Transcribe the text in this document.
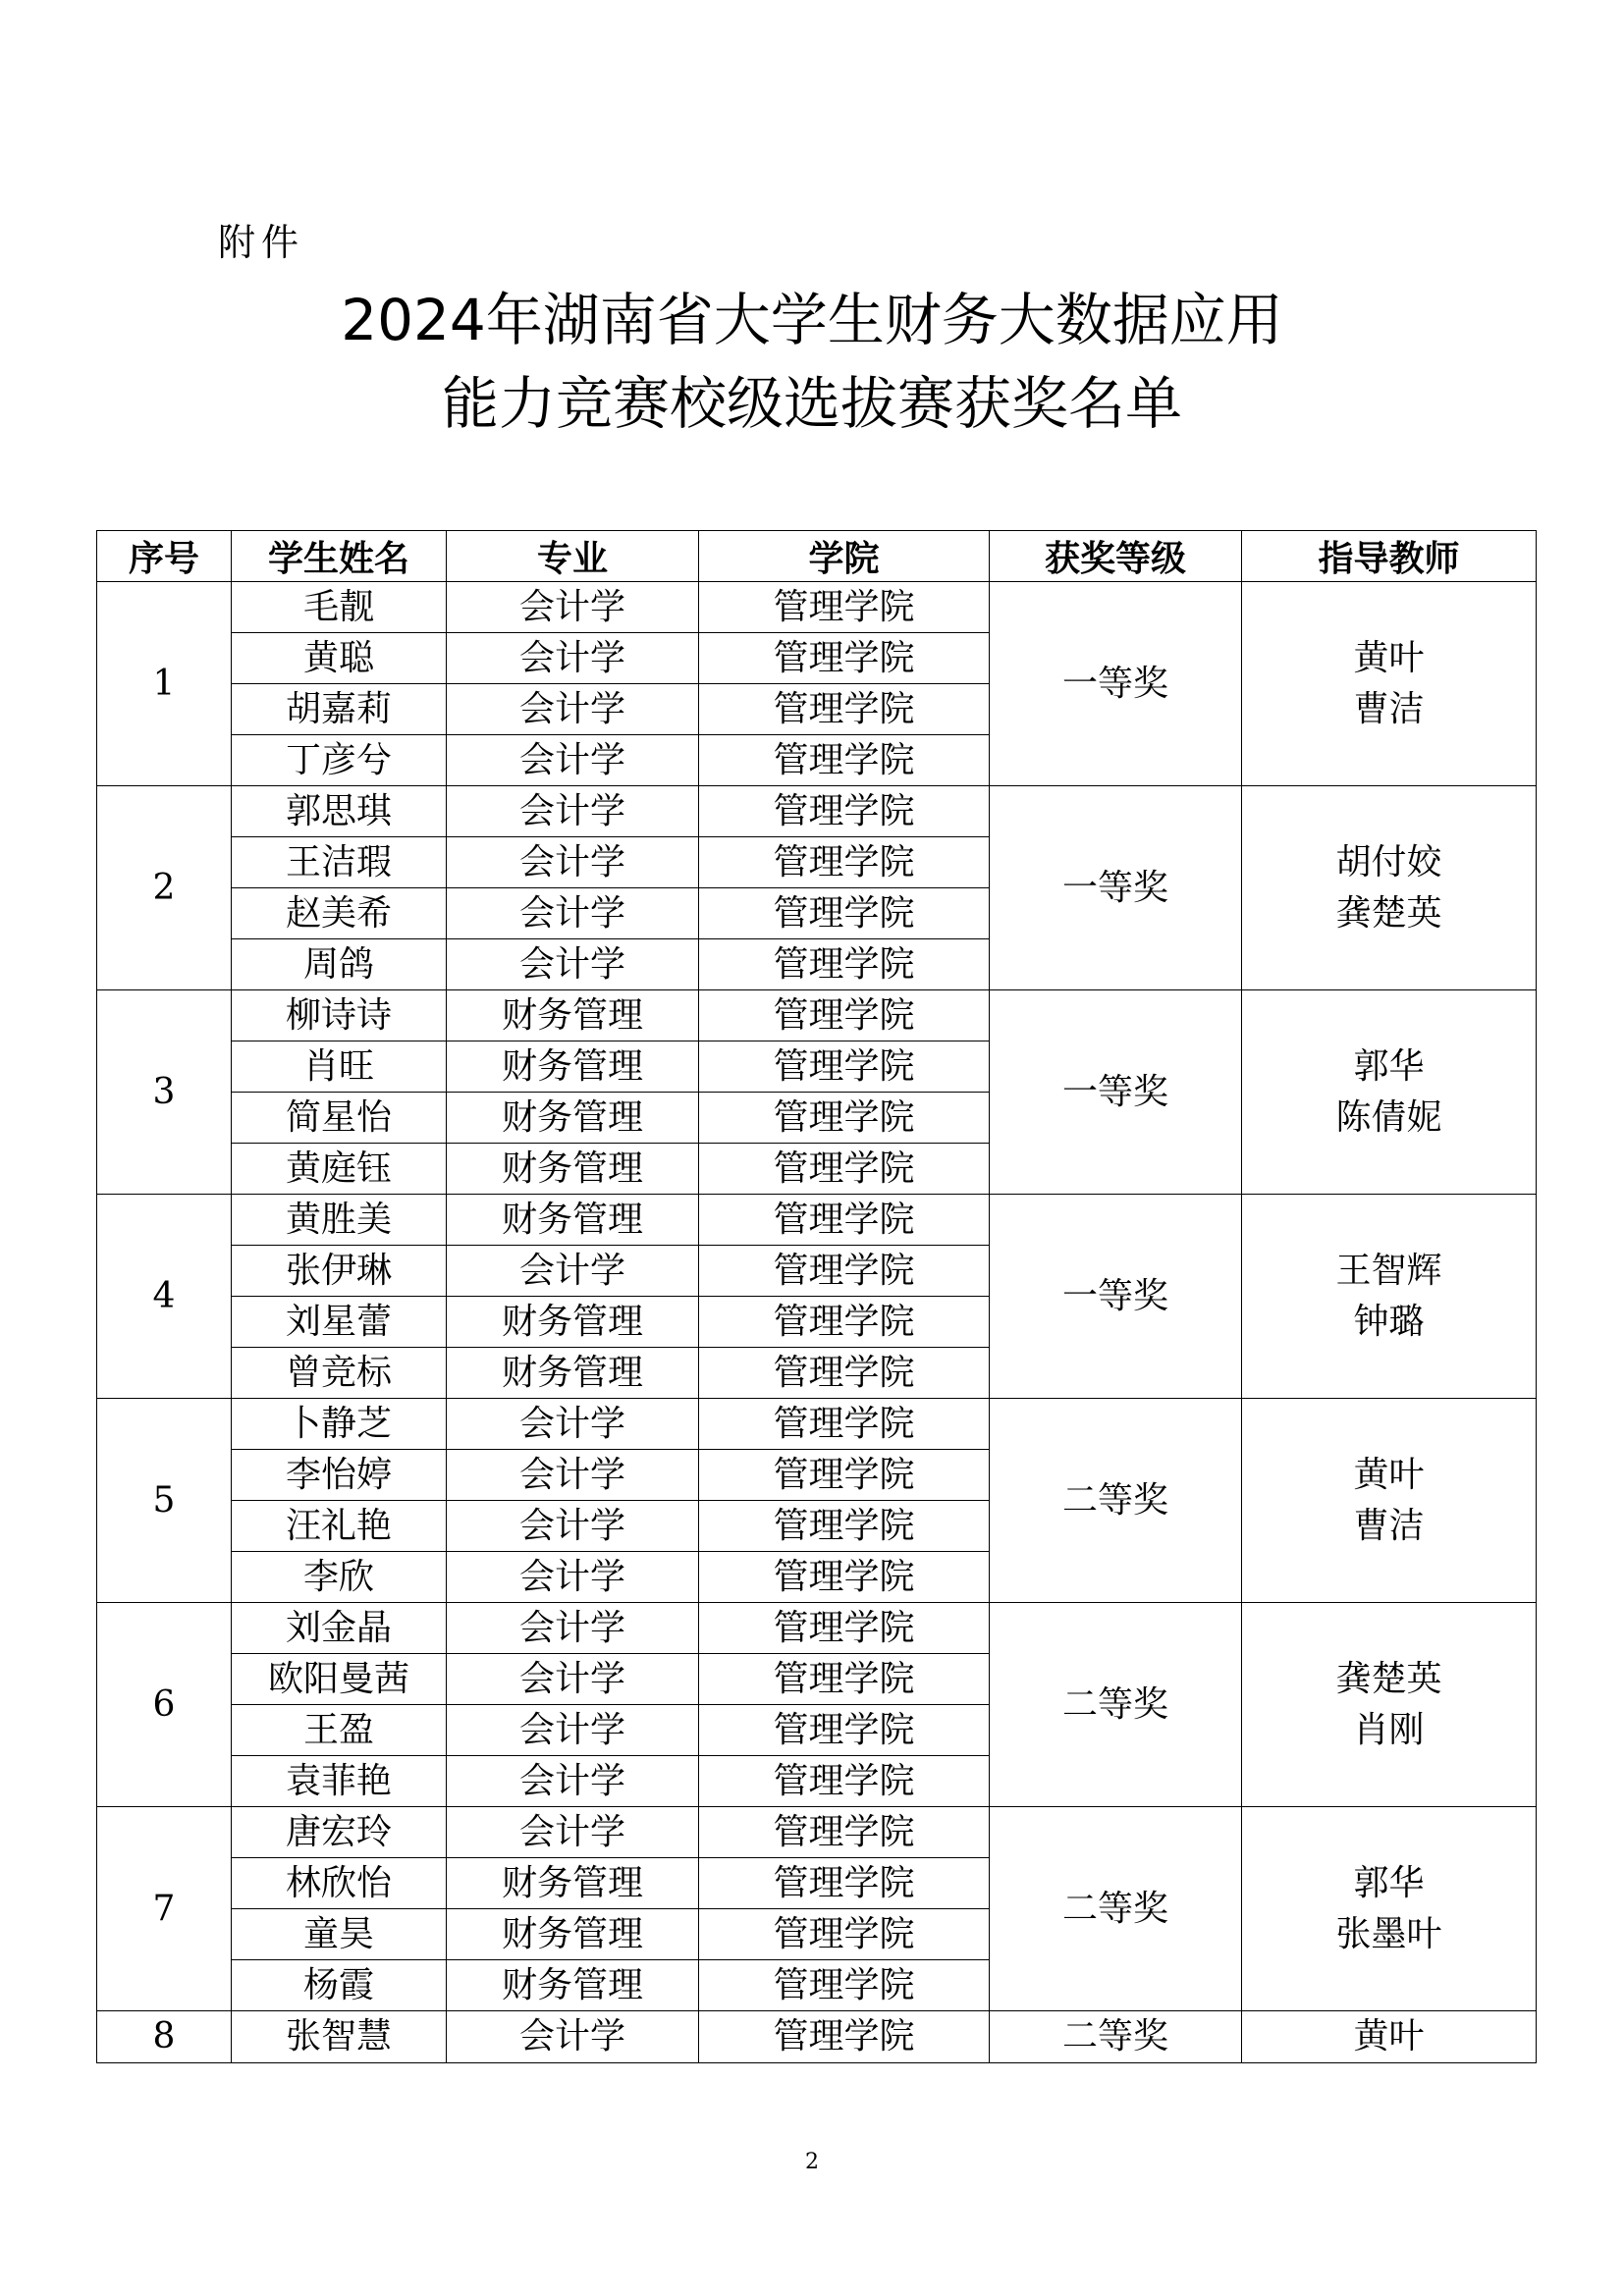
附件
2024年湖南省大学生财务大数据应用
能力竞赛校级选拔赛获奖名单
序号	学生姓名	专业	学院	获奖等级	指导教师
1	毛靓	会计学	管理学院	一等奖	黄叶
曹洁

	黄聪	会计学	管理学院		
	胡嘉莉	会计学	管理学院		
	丁彦兮	会计学	管理学院		
2	郭思琪	会计学	管理学院	一等奖	胡付姣
龚楚英

	王洁瑕	会计学	管理学院		
	赵美希	会计学	管理学院		
	周鸽	会计学	管理学院		
3	柳诗诗	财务管理	管理学院	一等奖	郭华
陈倩妮

	肖旺	财务管理	管理学院		
	简星怡	财务管理	管理学院		
	黄庭钰	财务管理	管理学院		
4	黄胜美	财务管理	管理学院	一等奖	王智辉
钟璐

	张伊琳	会计学	管理学院		
	刘星蕾	财务管理	管理学院		
	曾竞标	财务管理	管理学院		
5	卜静芝	会计学	管理学院	二等奖	黄叶
曹洁

	李怡婷	会计学	管理学院		
	汪礼艳	会计学	管理学院		
	李欣	会计学	管理学院		
6	刘金晶	会计学	管理学院	二等奖	龚楚英
肖刚

	欧阳曼茜	会计学	管理学院		
	王盈	会计学	管理学院		
	袁菲艳	会计学	管理学院		
7	唐宏玲	会计学	管理学院	二等奖	郭华
张墨叶

	林欣怡	财务管理	管理学院		
	童昊	财务管理	管理学院		
	杨霞	财务管理	管理学院		
8	张智慧	会计学	管理学院	二等奖	黄叶
2
